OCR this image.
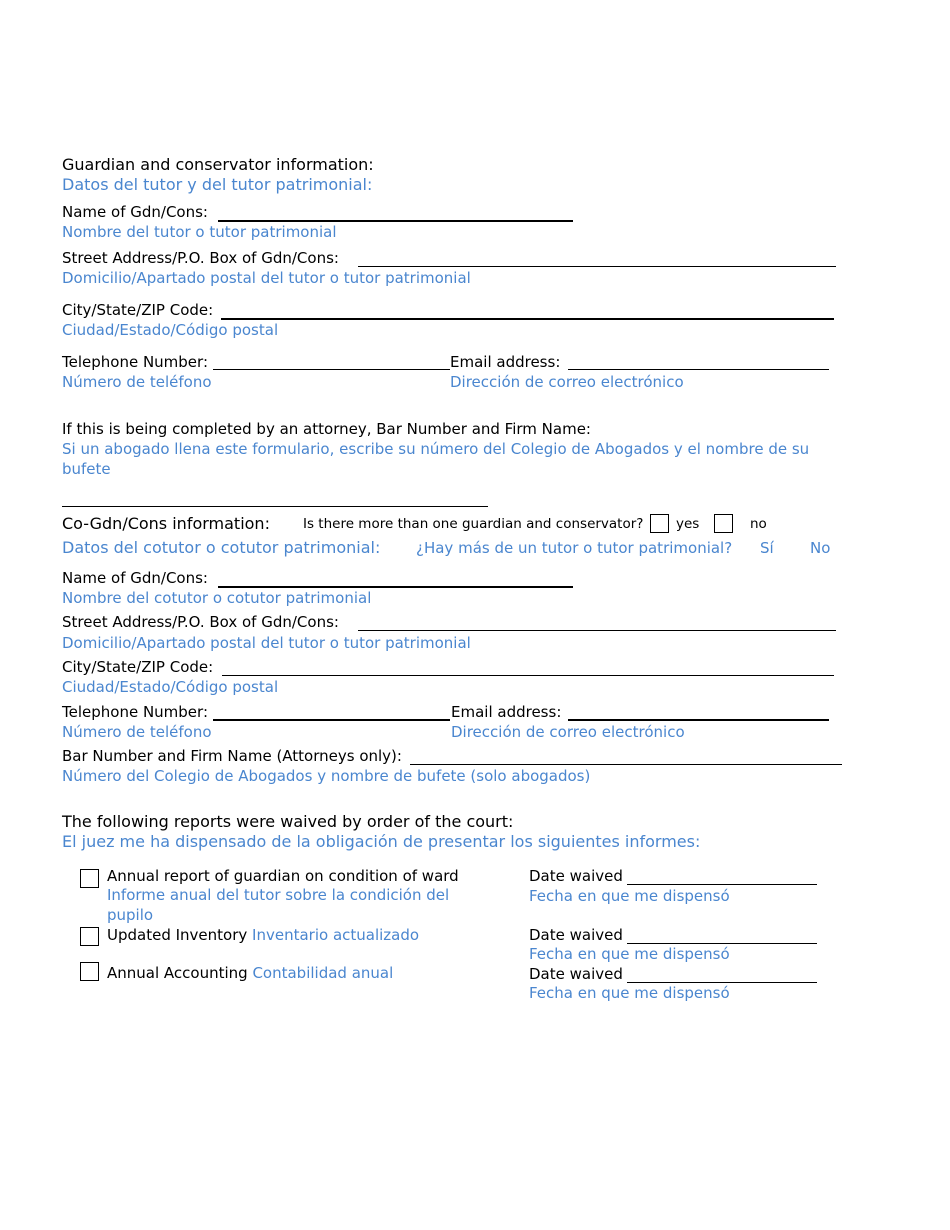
Guardian and conservator information:
Datos del tutor y del tutor patrimonial:
Name of Gdn/Cons:
Nombre del tutor o tutor patrimonial
Street Address/P.O. Box of Gdn/Cons:
Domicilio/Apartado postal del tutor o tutor patrimonial
City/State/ZIP Code:
Ciudad/Estado/Código postal
Telephone Number:
Número de teléfono
Email address:
Dirección de correo electrónico
If this is being completed by an attorney, Bar Number and Firm Name:
Si un abogado llena este formulario, escribe su número del Colegio de Abogados y el nombre de su
bufete
Co-Gdn/Cons information:
Datos del cotutor o cotutor patrimonial:
Is there more than one guardian and conservator?
¿Hay más de un tutor o tutor patrimonial?
yes
Sí
no
No
Name of Gdn/Cons:
Nombre del cotutor o cotutor patrimonial
Street Address/P.O. Box of Gdn/Cons:
Domicilio/Apartado postal del tutor o tutor patrimonial
City/State/ZIP Code:
Ciudad/Estado/Código postal
Telephone Number:
Número de teléfono
Email address:
Dirección de correo electrónico
Bar Number and Firm Name (Attorneys only):
Número del Colegio de Abogados y nombre de bufete (solo abogados)
The following reports were waived by order of the court:
El juez me ha dispensado de la obligación de presentar los siguientes informes:
Annual report of guardian on condition of ward
Informe anual del tutor sobre la condición del
pupilo
Date waived
Fecha en que me dispensó
Updated Inventory Inventario actualizado	Date waived
Fecha en que me dispensó
Annual Accounting Contabilidad anual	Date waived
Fecha en que me dispensó
